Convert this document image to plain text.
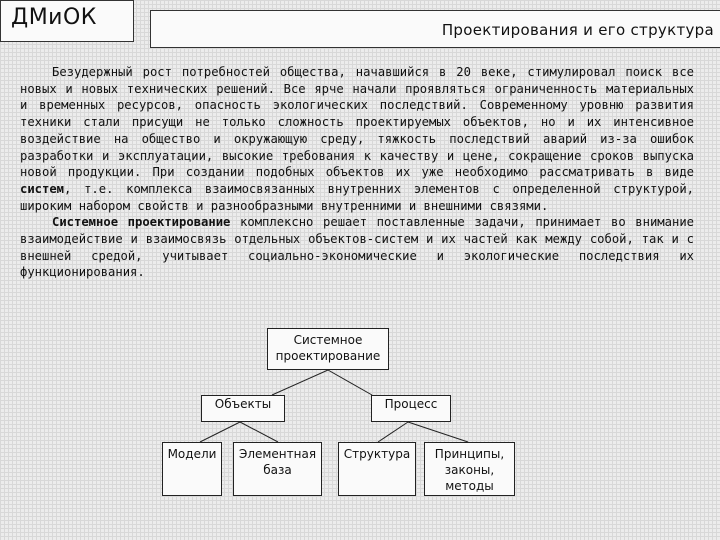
ДМиОК	Проектирования и его структура

Безудержный рост потребностей общества, начавшийся в 20 веке, стимулировал поиск все новых и новых технических решений. Все ярче начали проявляться ограниченность материальных и временных ресурсов, опасность экологических последствий. Современному уровню развития техники стали присущи не только сложность проектируемых объектов, но и их интенсивное воздействие на общество и окружающую среду, тяжкость последствий аварий из-за ошибок разработки и эксплуатации, высокие требования к качеству и цене, сокращение сроков выпуска новой продукции. При создании подобных объектов их уже необходимо рассматривать в виде систем, т.е. комплекса взаимосвязанных внутренних элементов с определенной структурой, широким набором свойств и разнообразными внутренними и внешними связями.

Системное проектирование комплексно решает поставленные задачи, принимает во внимание взаимодействие и взаимосвязь отдельных объектов-систем и их частей как между собой, так и с внешней средой, учитывает социально-экономические и экологические последствия их функционирования.

Системное проектирование
Объекты	Процесс
Модели	Элементная база
Структура	Принципы, законы, методы
